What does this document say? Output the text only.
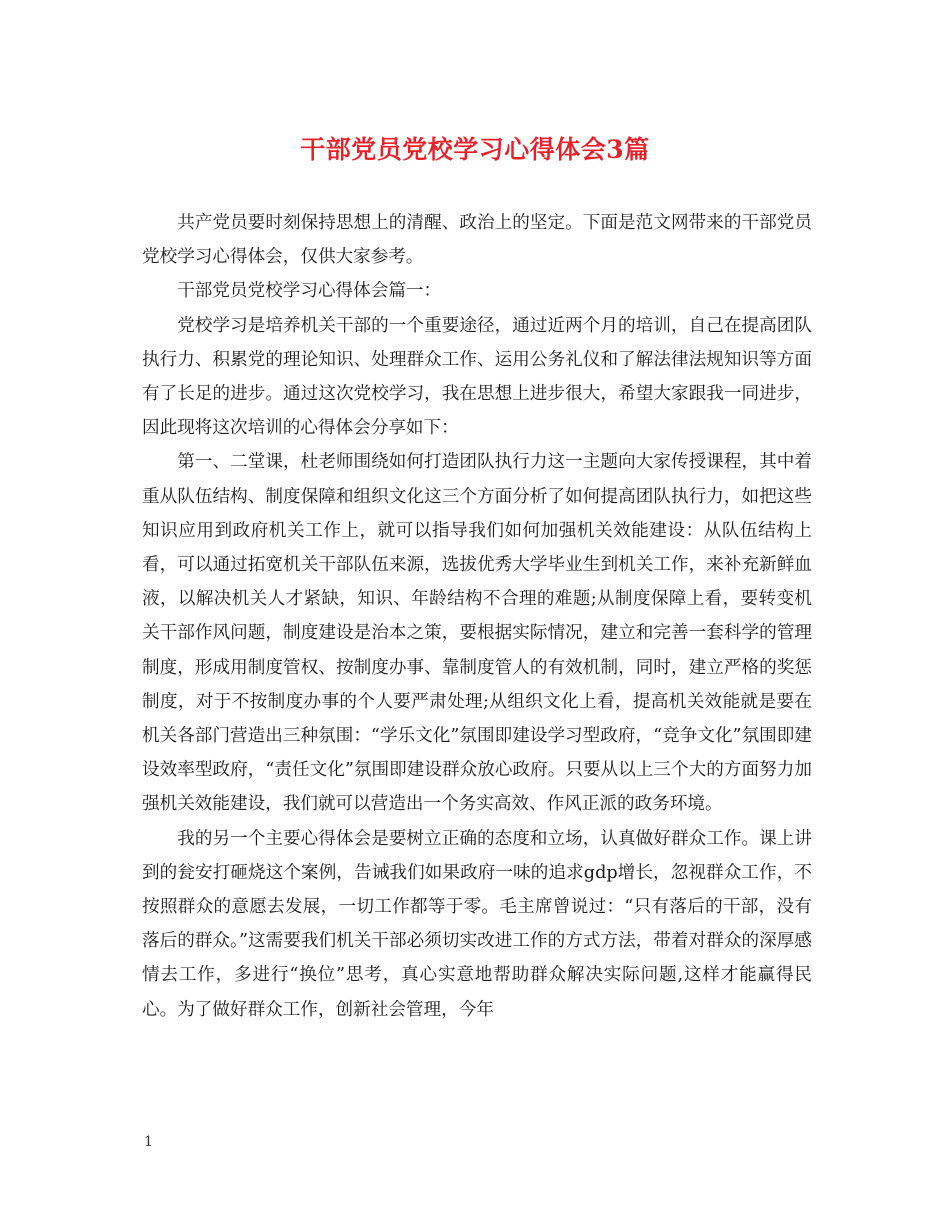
干部党员党校学习心得体会3篇

共产党员要时刻保持思想上的清醒、政治上的坚定。下面是范文网带来的干部党员党校学习心得体会，仅供大家参考。

干部党员党校学习心得体会篇一：

党校学习是培养机关干部的一个重要途径，通过近两个月的培训，自己在提高团队执行力、积累党的理论知识、处理群众工作、运用公务礼仪和了解法律法规知识等方面有了长足的进步。通过这次党校学习，我在思想上进步很大，希望大家跟我一同进步，因此现将这次培训的心得体会分享如下：

第一、二堂课，杜老师围绕如何打造团队执行力这一主题向大家传授课程，其中着重从队伍结构、制度保障和组织文化这三个方面分析了如何提高团队执行力，如把这些知识应用到政府机关工作上，就可以指导我们如何加强机关效能建设：从队伍结构上看，可以通过拓宽机关干部队伍来源，选拔优秀大学毕业生到机关工作，来补充新鲜血液，以解决机关人才紧缺，知识、年龄结构不合理的难题;从制度保障上看，要转变机关干部作风问题，制度建设是治本之策，要根据实际情况，建立和完善一套科学的管理制度，形成用制度管权、按制度办事、靠制度管人的有效机制，同时，建立严格的奖惩制度，对于不按制度办事的个人要严肃处理;从组织文化上看，提高机关效能就是要在机关各部门营造出三种氛围：“学乐文化”氛围即建设学习型政府，“竞争文化”氛围即建设效率型政府，“责任文化”氛围即建设群众放心政府。只要从以上三个大的方面努力加强机关效能建设，我们就可以营造出一个务实高效、作风正派的政务环境。

我的另一个主要心得体会是要树立正确的态度和立场，认真做好群众工作。课上讲到的瓮安打砸烧这个案例，告诫我们如果政府一味的追求gdp增长，忽视群众工作，不按照群众的意愿去发展，一切工作都等于零。毛主席曾说过：“只有落后的干部，没有落后的群众。”这需要我们机关干部必须切实改进工作的方式方法，带着对群众的深厚感情去工作，多进行“换位”思考，真心实意地帮助群众解决实际问题,这样才能赢得民心。为了做好群众工作，创新社会管理，今年

1
